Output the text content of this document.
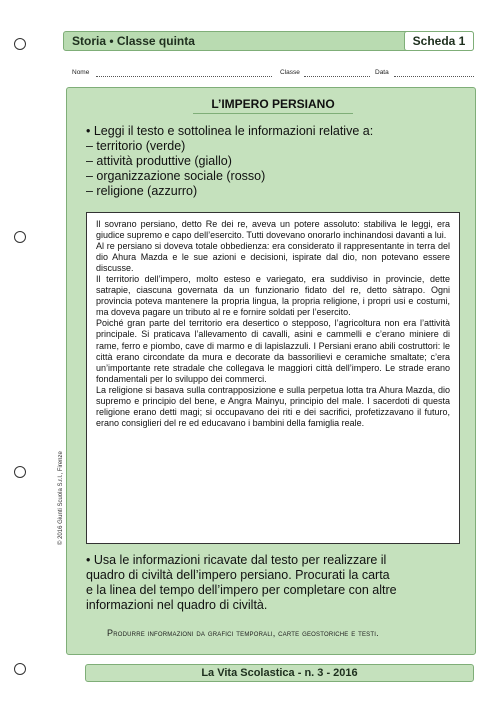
Storia • Classe quinta	Scheda 1
Nome	Classe	Data
L’IMPERO PERSIANO
• Leggi il testo e sottolinea le informazioni relative a:
– territorio (verde)
– attività produttive (giallo)
– organizzazione sociale (rosso)
– religione (azzurro)

Il sovrano persiano, detto Re dei re, aveva un potere assoluto: stabiliva le leggi, era giudice supremo e capo dell’esercito. Tutti dovevano onorarlo inchinandosi davanti a lui.

Al re persiano si doveva totale obbedienza: era considerato il rappresentante in terra del dio Ahura Mazda e le sue azioni e decisioni, ispirate dal dio, non potevano essere discusse.

Il territorio dell’impero, molto esteso e variegato, era suddiviso in provincie, dette satrapie, ciascuna governata da un funzionario fidato del re, detto sàtrapo. Ogni provincia poteva mantenere la propria lingua, la propria religione, i propri usi e costumi, ma doveva pagare un tributo al re e fornire soldati per l’esercito.

Poiché gran parte del territorio era desertico o stepposo, l’agricoltura non era l’attività principale. Si praticava l’allevamento di cavalli, asini e cammelli e c’erano miniere di rame, ferro e piombo, cave di marmo e di lapislazzuli. I Persiani erano abili costruttori: le città erano circondate da mura e decorate da bassorilievi e ceramiche smaltate; c’era un’importante rete stradale che collegava le maggiori città dell’impero. Le strade erano fondamentali per lo sviluppo dei commerci.

La religione si basava sulla contrapposizione e sulla perpetua lotta tra Ahura Mazda, dio supremo e principio del bene, e Angra Mainyu, principio del male. I sacerdoti di questa religione erano detti magi; si occupavano dei riti e dei sacrifici, profetizzavano il futuro, erano consiglieri del re ed educavano i bambini della famiglia reale.

• Usa le informazioni ricavate dal testo per realizzare il
quadro di civiltà dell’impero persiano. Procurati la carta
e la linea del tempo dell’impero per completare con altre
informazioni nel quadro di civiltà.
Produrre informazioni da grafici temporali, carte geostoriche e testi.
© 2016 Giunti Scuola S.r.l., Firenze
La Vita Scolastica - n. 3 - 2016
